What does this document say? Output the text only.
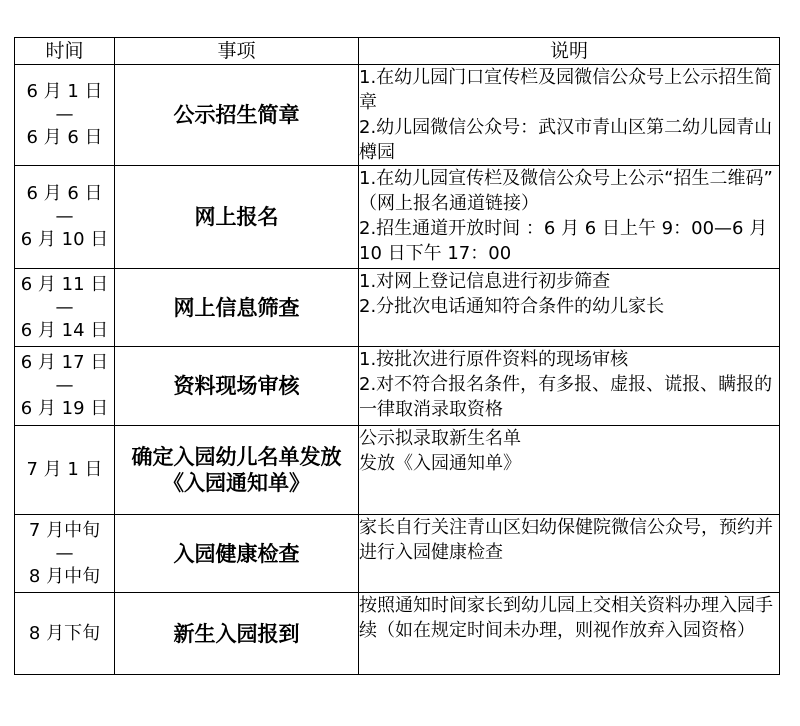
时间	事项	说明

6 月 1 日
—
6 月 6 日	公示招生简章	1.在幼儿园门口宣传栏及园微信公众号上公示招生简章
2.幼儿园微信公众号：武汉市青山区第二幼儿园青山樽园

6 月 6 日
—
6 月 10 日	网上报名	1.在幼儿园宣传栏及微信公众号上公示“招生二维码” （网上报名通道链接）
2.招生通道开放时间 ：6 月 6 日上午 9：00—6 月 10 日下午 17：00

6 月 11 日
—
6 月 14 日	网上信息筛查	1.对网上登记信息进行初步筛查
2.分批次电话通知符合条件的幼儿家长

6 月 17 日
—
6 月 19 日	资料现场审核	1.按批次进行原件资料的现场审核
2.对不符合报名条件，有多报、虚报、谎报、瞒报的一律取消录取资格

7 月 1 日	确定入园幼儿名单发放《入园通知单》	公示拟录取新生名单
发放《入园通知单》

7 月中旬
—
8 月中旬	入园健康检查	家长自行关注青山区妇幼保健院微信公众号，预约并进行入园健康检查

8 月下旬	新生入园报到	按照通知时间家长到幼儿园上交相关资料办理入园手续（如在规定时间未办理，则视作放弃入园资格）
